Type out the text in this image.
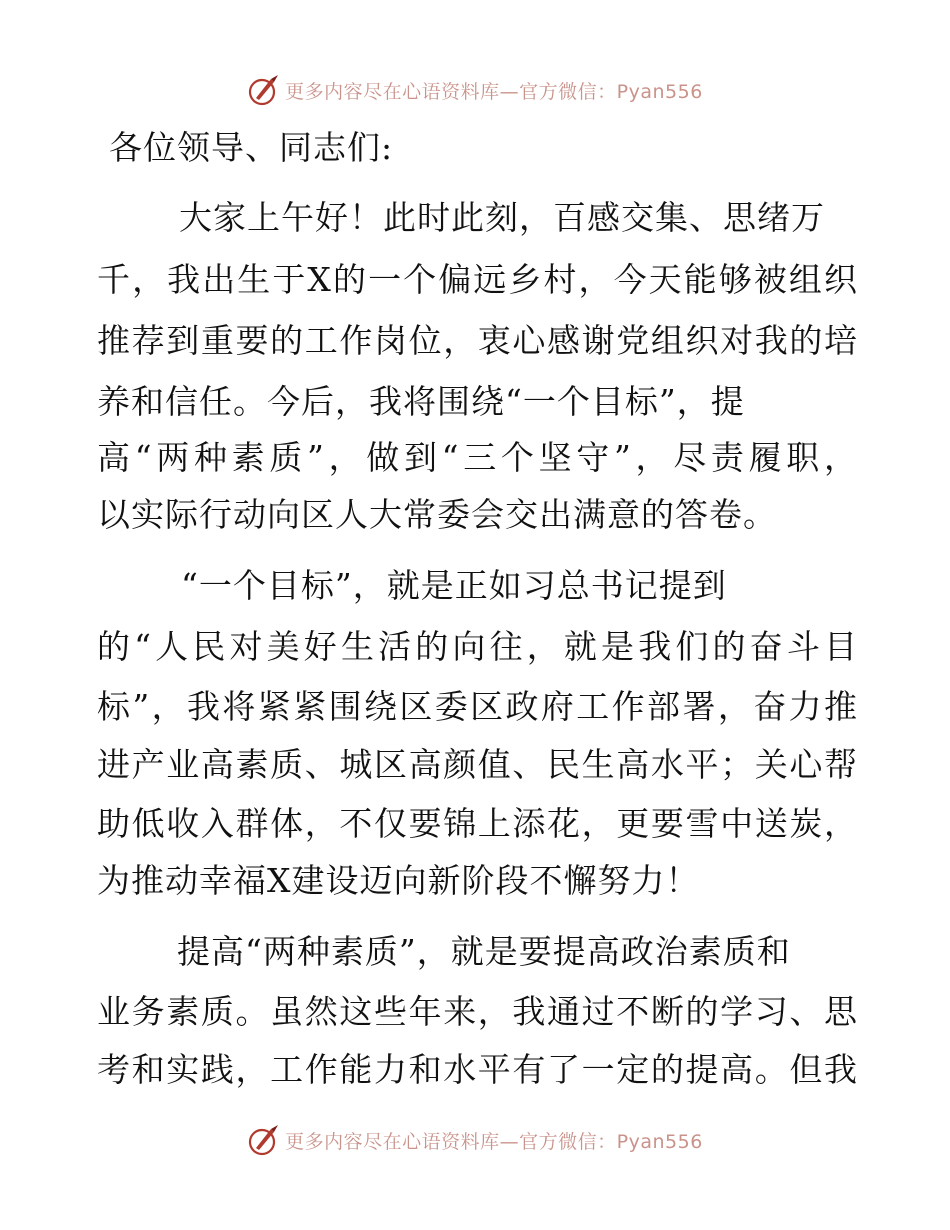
更多内容尽在心语资料库—官方微信：Pyan556
各位领导、同志们:
大家上午好！此时此刻，百感交集、思绪万
千，我出生于X的一个偏远乡村，今天能够被组织
推荐到重要的工作岗位，衷心感谢党组织对我的培
养和信任。今后，我将围绕“一个目标”，提
高“两种素质”，做到“三个坚守”，尽责履职，
以实际行动向区人大常委会交出满意的答卷。
“一个目标”，就是正如习总书记提到
的“人民对美好生活的向往，就是我们的奋斗目
标”，我将紧紧围绕区委区政府工作部署，奋力推
进产业高素质、城区高颜值、民生高水平；关心帮
助低收入群体，不仅要锦上添花，更要雪中送炭，
为推动幸福X建设迈向新阶段不懈努力！
提高“两种素质”，就是要提高政治素质和
业务素质。虽然这些年来，我通过不断的学习、思
考和实践，工作能力和水平有了一定的提高。但我
更多内容尽在心语资料库—官方微信：Pyan556
